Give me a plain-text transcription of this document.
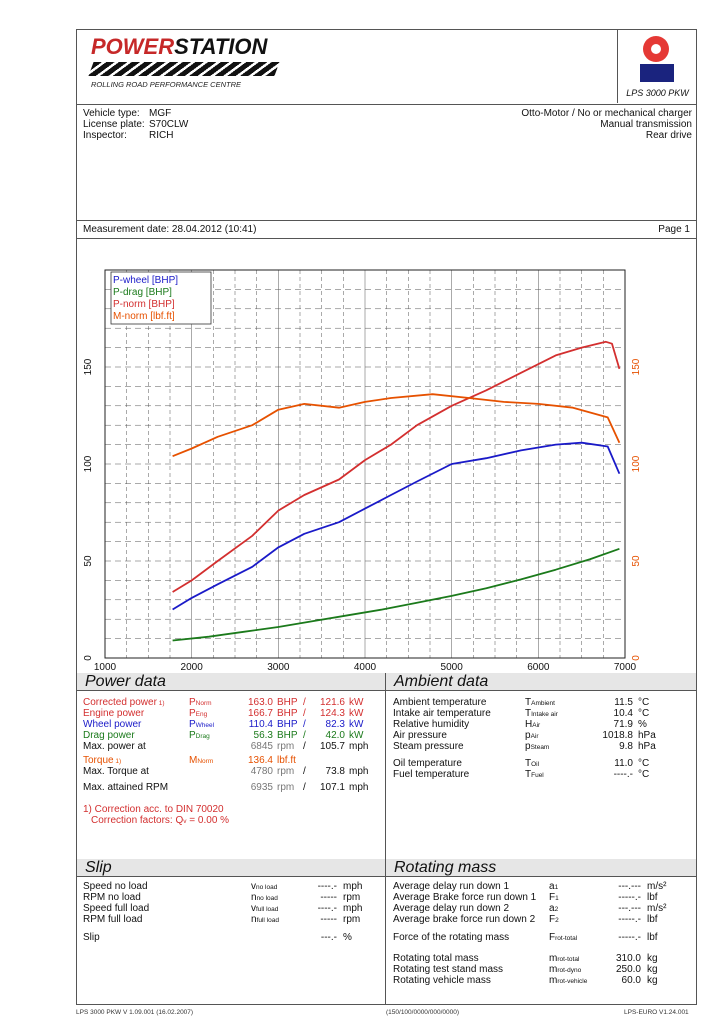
POWERSTATION
ROLLING ROAD PERFORMANCE CENTRE
LPS 3000 PKW
Vehicle type: MGF
License plate: S70CLW
Inspector: RICH
Otto-Motor / No or mechanical charger
Manual transmission
Rear drive
Measurement date: 28.04.2012 (10:41)	Page 1
1000	2000	3000	4000	5000	6000	7000
0
50
100
150
0
50
100
150
P-wheel [BHP]
P-drag [BHP]
P-norm [BHP]
M-norm [lbf.ft]
Power data	Ambient data
Corrected power 1) PNorm	163.0 BHP /	121.6 kW
Engine power	PEng	166.7 BHP /	124.3 kW
Wheel power	PWheel	110.4 BHP /	82.3 kW
Drag power	PDrag	56.3 BHP /	42.0 kW
Max. power at	6845 rpm /	105.7 mph
Torque 1)	MNorm	136.4 lbf.ft
Max. Torque at	4780 rpm /	73.8 mph
Max. attained RPM	6935 rpm /	107.1 mph
1) Correction acc. to DIN 70020
Correction factors: Qv = 0.00 %
Ambient temperature	TAmbient	11.5 °C
Intake air temperature	TIntake air	10.4 °C
Relative humidity	HAir	71.9 %
Air pressure	pAir	1018.8 hPa
Steam pressure	pSteam	9.8 hPa
Oil temperature	TOil	11.0 °C
Fuel temperature	TFuel	----.- °C
Slip	Rotating mass
Speed no load	vno load	----.- mph
RPM no load	nno load	----- rpm
Speed full load	vfull load	----.- mph
RPM full load	nfull load	----- rpm
Slip	---.- %
Average delay run down 1	a1	---.--- m/s²
Average Brake force run down 1 F1	-----.- lbf
Average delay run down 2	a2	---.--- m/s²
Average brake force run down 2 F2	-----.- lbf
Force of the rotating mass	Frot-total	-----.- lbf
Rotating total mass	mrot-total	310.0 kg
Rotating test stand mass	mrot-dyno	250.0 kg
Rotating vehicle mass	mrot-vehicle	60.0 kg
LPS 3000 PKW V 1.09.001 (16.02.2007)	(150/100/0000/000/0000)	LPS-EURO V1.24.001
